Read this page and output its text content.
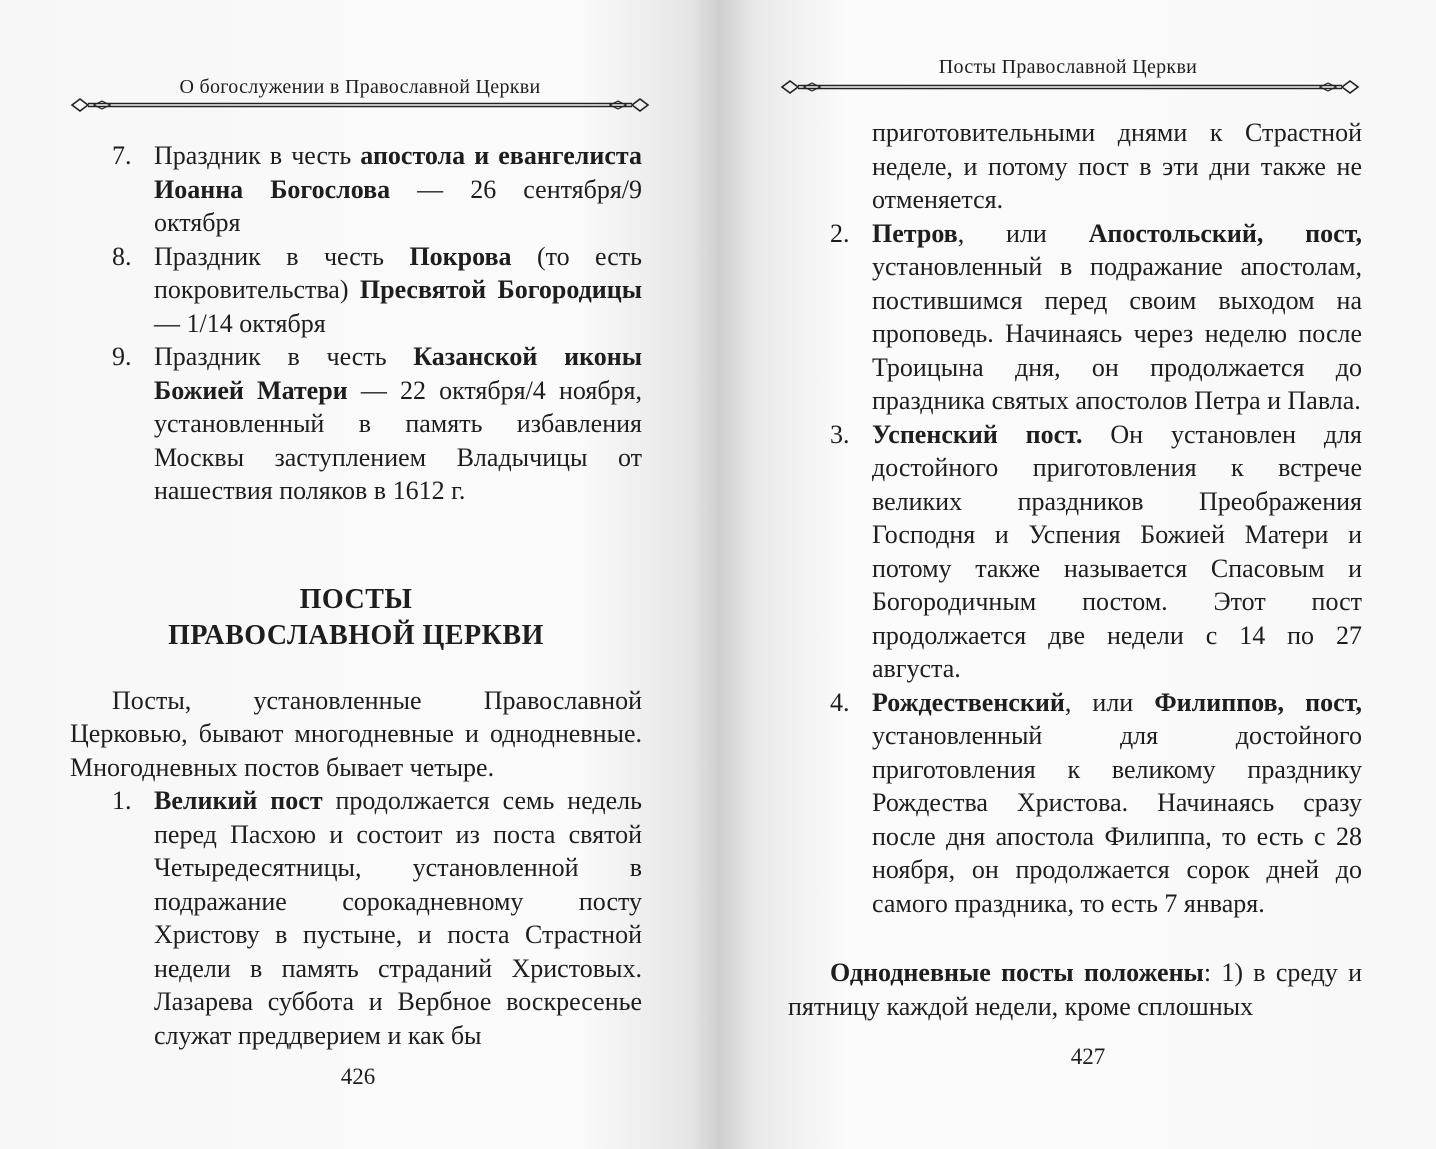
О богослужении в Православной Церкви
7. Праздник в честь апостола и евангелиста Иоанна Богослова — 26 сентября/9 октября
8. Праздник в честь Покрова (то есть покровительства) Пресвятой Богородицы — 1/14 октября
9. Праздник в честь Казанской иконы Божией Матери — 22 октября/4 ноября, установленный в память избавления Москвы заступлением Владычицы от нашествия поляков в 1612 г.
ПОСТЫ
ПРАВОСЛАВНОЙ ЦЕРКВИ
Посты, установленные Православной Церковью, бывают многодневные и однодневные. Многодневных постов бывает четыре.
1. Великий пост продолжается семь недель перед Пасхою и состоит из поста святой Четыредесятницы, установленной в подражание сорокадневному посту Христову в пустыне, и поста Страстной недели в память страданий Христовых. Лазарева суббота и Вербное воскресенье служат преддверием и как бы
426
Посты Православной Церкви
приготовительными днями к Страстной неделе, и потому пост в эти дни также не отменяется.
2. Петров, или Апостольский, пост, установленный в подражание апостолам, постившимся перед своим выходом на проповедь. Начинаясь через неделю после Троицына дня, он продолжается до праздника святых апостолов Петра и Павла.
3. Успенский пост. Он установлен для достойного приготовления к встрече великих праздников Преображения Господня и Успения Божией Матери и потому также называется Спасовым и Богородичным постом. Этот пост продолжается две недели с 14 по 27 августа.
4. Рождественский, или Филиппов, пост, установленный для достойного приготовления к великому празднику Рождества Христова. Начинаясь сразу после дня апостола Филиппа, то есть с 28 ноября, он продолжается сорок дней до самого праздника, то есть 7 января.
Однодневные посты положены: 1) в среду и пятницу каждой недели, кроме сплошных
427
